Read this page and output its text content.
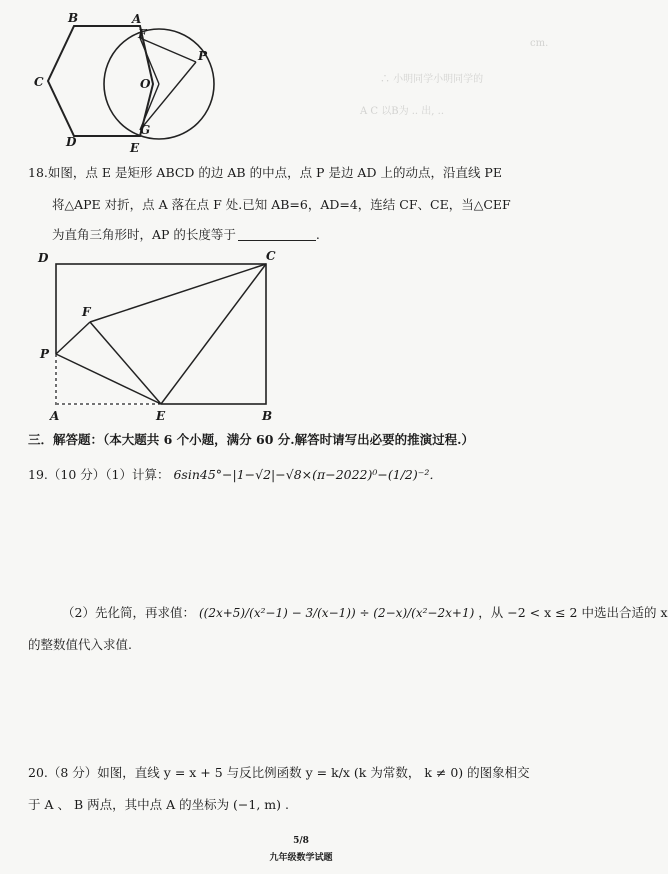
cm.
∴ 小明同学小明同学的
A C 以B为 .. 出, ..
B	A
F
P
C	O
D
G
E
18.如图，点 E 是矩形 ABCD 的边 AB 的中点，点 P 是边 AD 上的动点，沿直线 PE
将△APE 对折，点 A 落在点 F 处.已知 AB=6，AD=4，连结 CF、CE，当△CEF
为直角三角形时，AP 的长度等于	.
D	C
F
P
A	E	B
三．解答题：（本大题共 6 个小题，满分 60 分.解答时请写出必要的推演过程.）
19.（10 分）（1）计算： 6sin45°−|1−√2|−√8×(π−2022)⁰−(1/2)⁻²．
（2）先化简，再求值： ((2x+5)/(x²−1) − 3/(x−1)) ÷ (2−x)/(x²−2x+1) ，从 −2 < x ≤ 2 中选出合适的 x
的整数值代入求值.
20.（8 分）如图，直线 y = x + 5 与反比例函数 y = k/x (k 为常数， k ≠ 0) 的图象相交
于 A 、 B 两点，其中点 A 的坐标为 (−1, m) .
5/8
九年级数学试题
